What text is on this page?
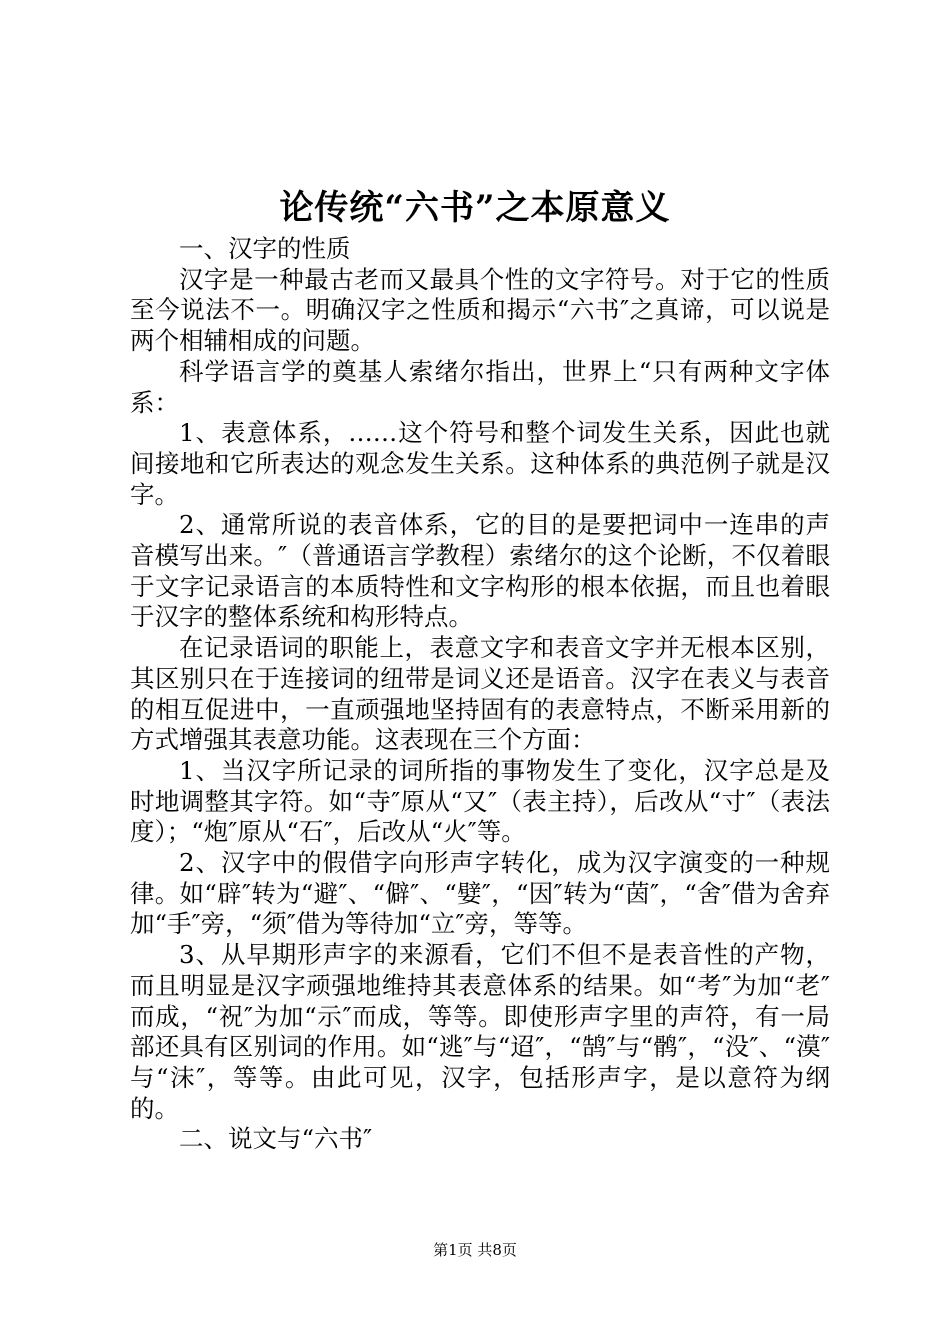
论传统“六书”之本原意义

一、汉字的性质

汉字是一种最古老而又最具个性的文字符号。对于它的性质至今说法不一。明确汉字之性质和揭示“六书″之真谛，可以说是两个相辅相成的问题。

科学语言学的奠基人索绪尔指出，世界上“只有两种文字体系：

1、表意体系，……这个符号和整个词发生关系，因此也就间接地和它所表达的观念发生关系。这种体系的典范例子就是汉字。

2、通常所说的表音体系，它的目的是要把词中一连串的声音模写出来。″（普通语言学教程）索绪尔的这个论断，不仅着眼于文字记录语言的本质特性和文字构形的根本依据，而且也着眼于汉字的整体系统和构形特点。

在记录语词的职能上，表意文字和表音文字并无根本区别，其区别只在于连接词的纽带是词义还是语音。汉字在表义与表音的相互促进中，一直顽强地坚持固有的表意特点，不断采用新的方式增强其表意功能。这表现在三个方面：

1、当汉字所记录的词所指的事物发生了变化，汉字总是及时地调整其字符。如“寺″原从“又″（表主持），后改从“寸″（表法度）；“炮″原从“石″，后改从“火″等。

2、汉字中的假借字向形声字转化，成为汉字演变的一种规律。如“辟″转为“避″、“僻″、“嬖″，“因″转为“茵″，“舍″借为舍弃加“手″旁，“须″借为等待加“立″旁，等等。

3、从早期形声字的来源看，它们不但不是表音性的产物，而且明显是汉字顽强地维持其表意体系的结果。如“考″为加“老″而成，“祝″为加“示″而成，等等。即使形声字里的声符，有一局部还具有区别词的作用。如“逃″与“迢″，“鹄″与“鹘″，“没″、“漠″与“沫″，等等。由此可见，汉字，包括形声字，是以意符为纲的。

二、说文与“六书″

第1页 共8页
